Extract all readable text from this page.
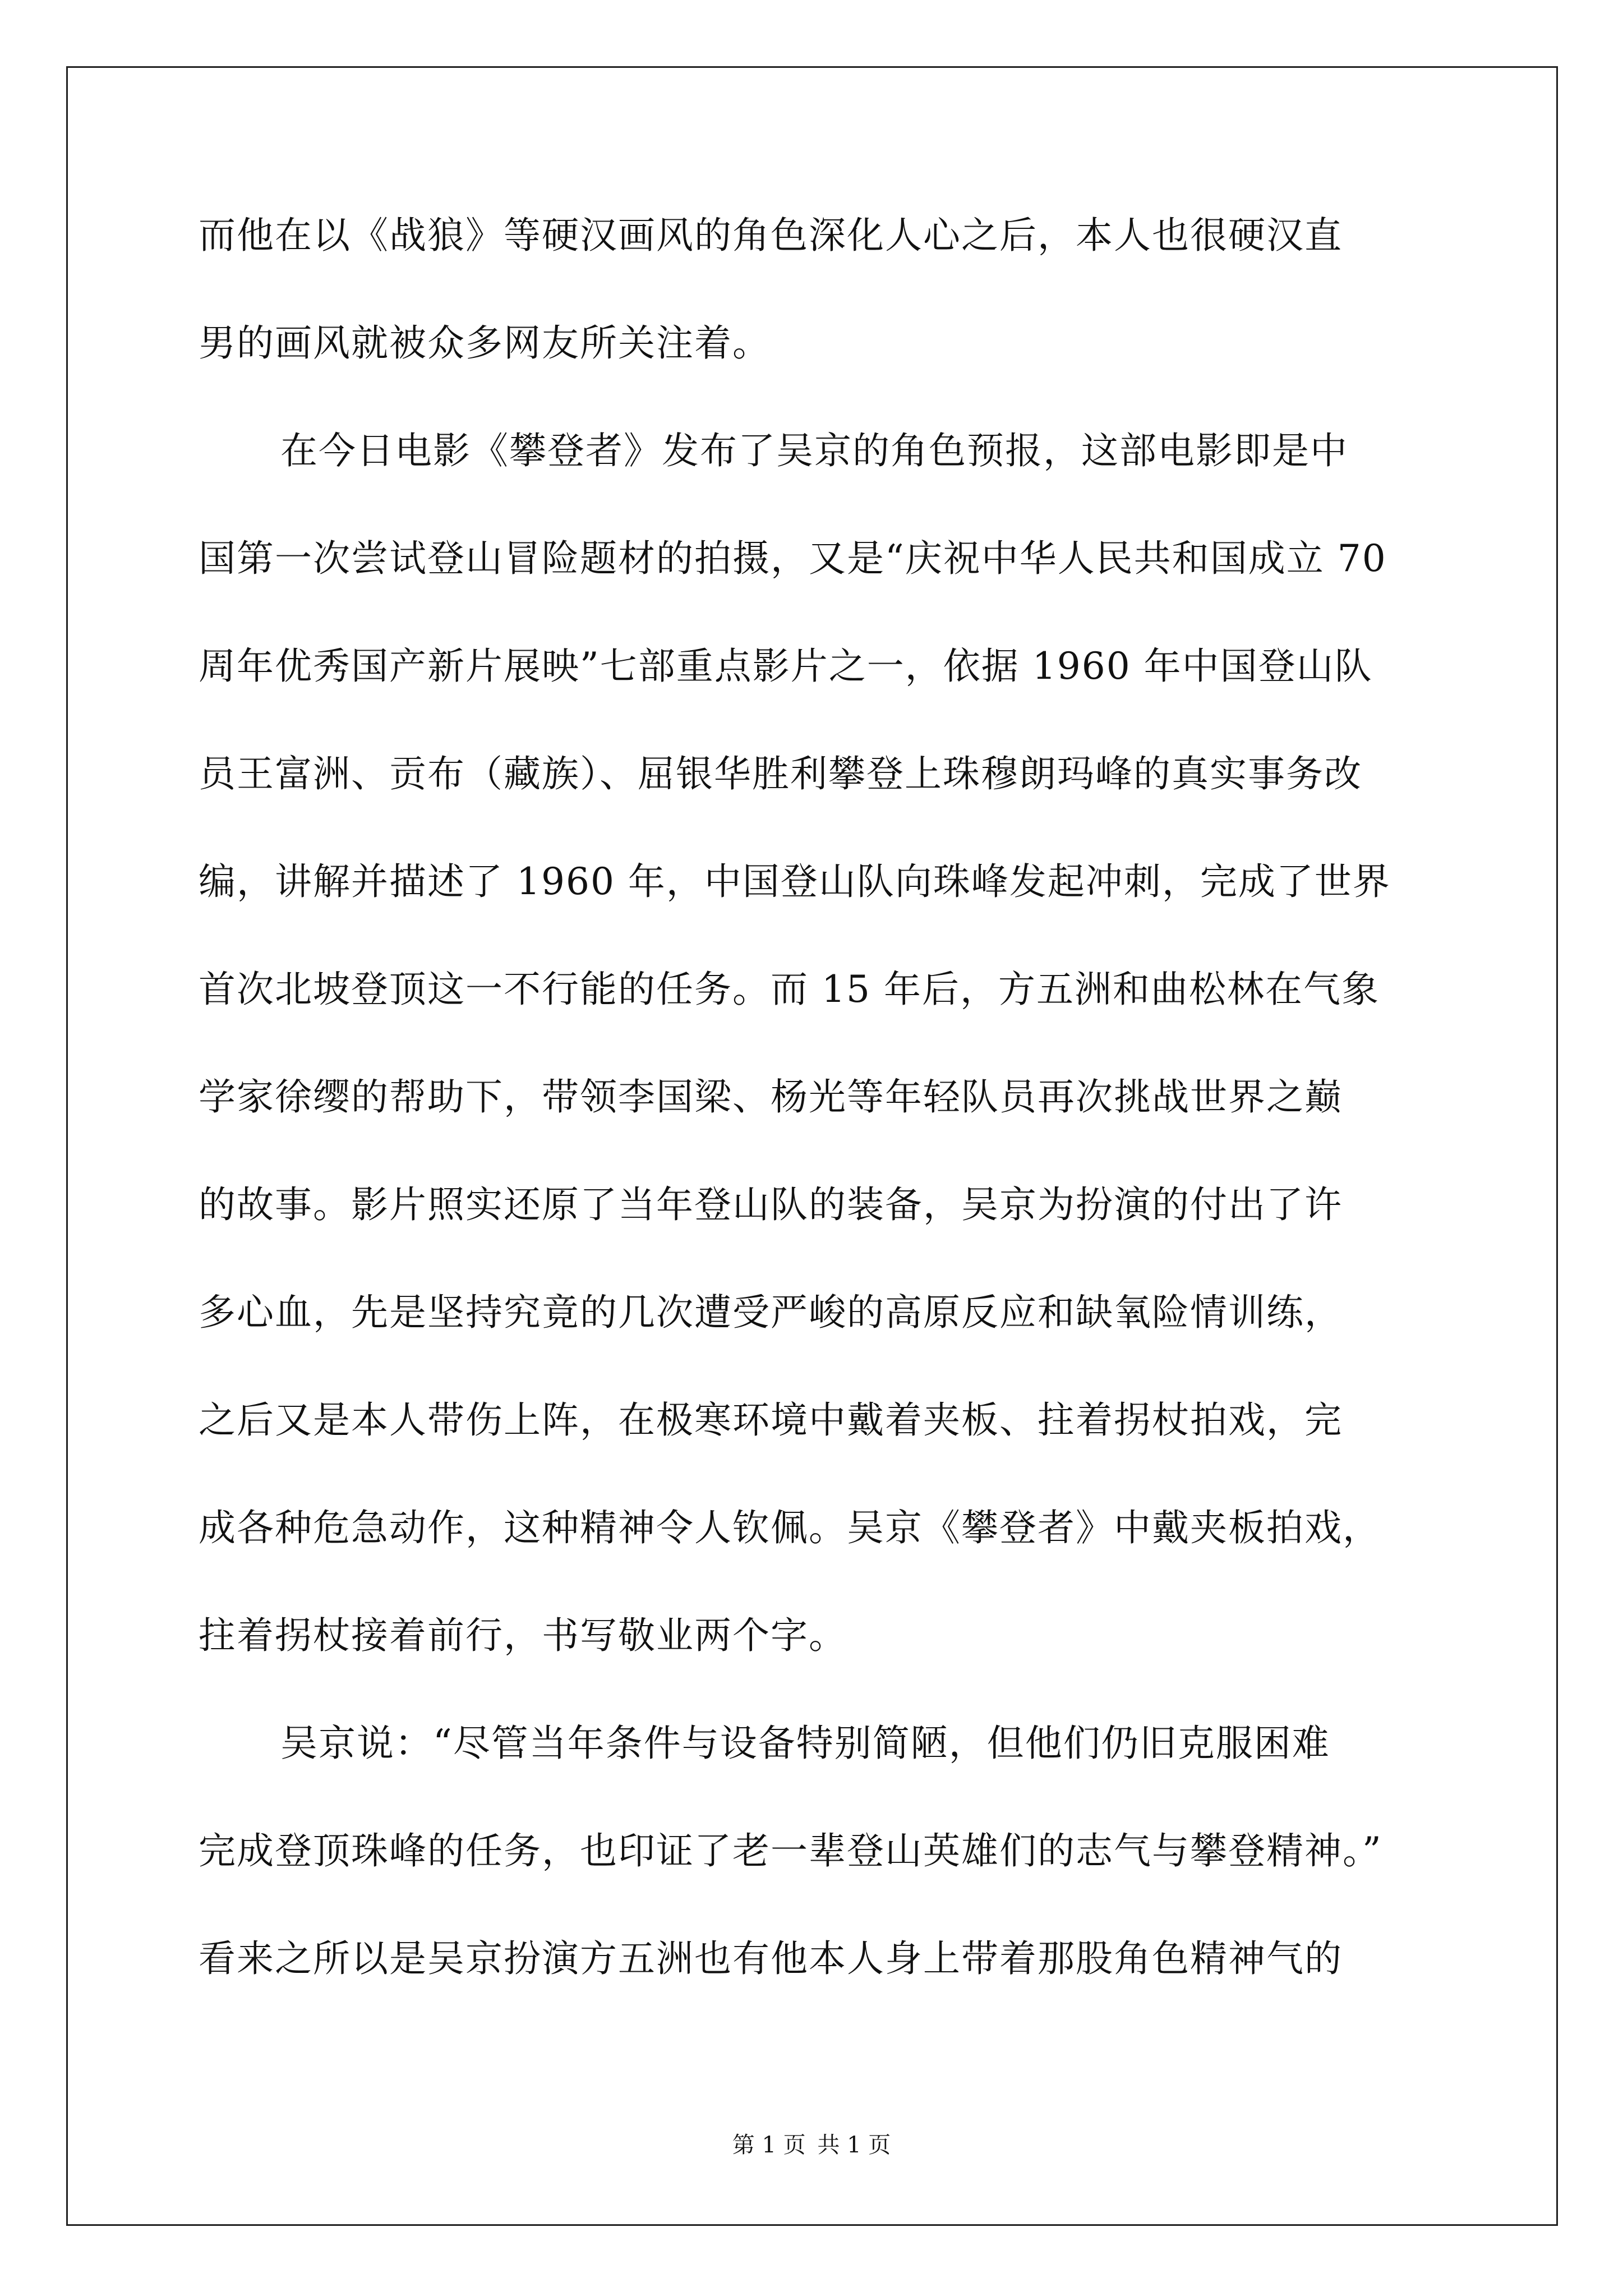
而他在以《战狼》等硬汉画风的角色深化人心之后，本人也很硬汉直
男的画风就被众多网友所关注着。
在今日电影《攀登者》发布了吴京的角色预报，这部电影即是中
国第一次尝试登山冒险题材的拍摄，又是“庆祝中华人民共和国成立 70
周年优秀国产新片展映”七部重点影片之一，依据 1960 年中国登山队
员王富洲、贡布（藏族）、屈银华胜利攀登上珠穆朗玛峰的真实事务改
编，讲解并描述了 1960 年，中国登山队向珠峰发起冲刺，完成了世界
首次北坡登顶这一不行能的任务。而 15 年后，方五洲和曲松林在气象
学家徐缨的帮助下，带领李国梁、杨光等年轻队员再次挑战世界之巅
的故事。影片照实还原了当年登山队的装备，吴京为扮演的付出了许
多心血，先是坚持究竟的几次遭受严峻的高原反应和缺氧险情训练，
之后又是本人带伤上阵，在极寒环境中戴着夹板、拄着拐杖拍戏，完
成各种危急动作，这种精神令人钦佩。吴京《攀登者》中戴夹板拍戏，
拄着拐杖接着前行，书写敬业两个字。
吴京说：“尽管当年条件与设备特别简陋，但他们仍旧克服困难
完成登顶珠峰的任务，也印证了老一辈登山英雄们的志气与攀登精神。”
看来之所以是吴京扮演方五洲也有他本人身上带着那股角色精神气的
第 1 页 共 1 页
